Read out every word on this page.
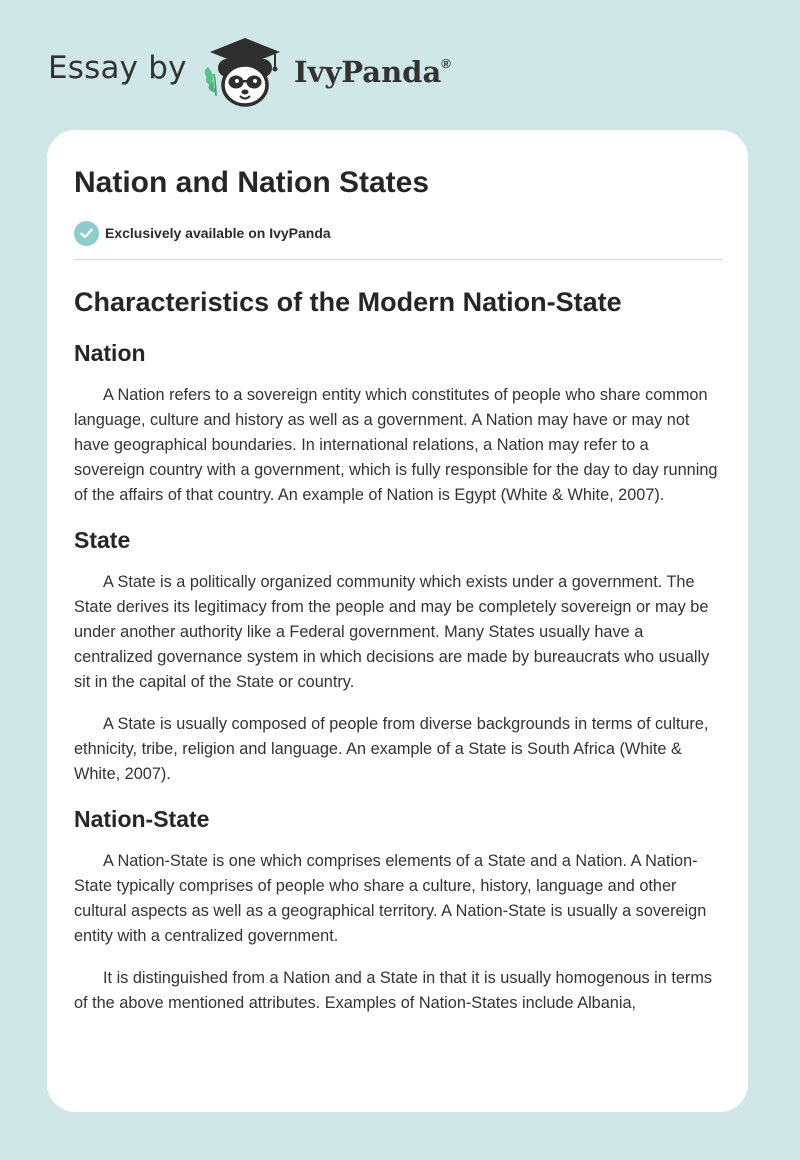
Essay by	IvyPanda®
Nation and Nation States
Exclusively available on IvyPanda
Characteristics of the Modern Nation-State
Nation

A Nation refers to a sovereign entity which constitutes of people who share common language, culture and history as well as a government. A Nation may have or may not have geographical boundaries. In international relations, a Nation may refer to a sovereign country with a government, which is fully responsible for the day to day running of the affairs of that country. An example of Nation is Egypt (White & White, 2007).

State

A State is a politically organized community which exists under a government. The State derives its legitimacy from the people and may be completely sovereign or may be under another authority like a Federal government. Many States usually have a centralized governance system in which decisions are made by bureaucrats who usually sit in the capital of the State or country.

A State is usually composed of people from diverse backgrounds in terms of culture, ethnicity, tribe, religion and language. An example of a State is South Africa (White & White, 2007).

Nation-State

A Nation-State is one which comprises elements of a State and a Nation. A Nation-State typically comprises of people who share a culture, history, language and other cultural aspects as well as a geographical territory. A Nation-State is usually a sovereign entity with a centralized government.

It is distinguished from a Nation and a State in that it is usually homogenous in terms of the above mentioned attributes. Examples of Nation-States include Albania,
